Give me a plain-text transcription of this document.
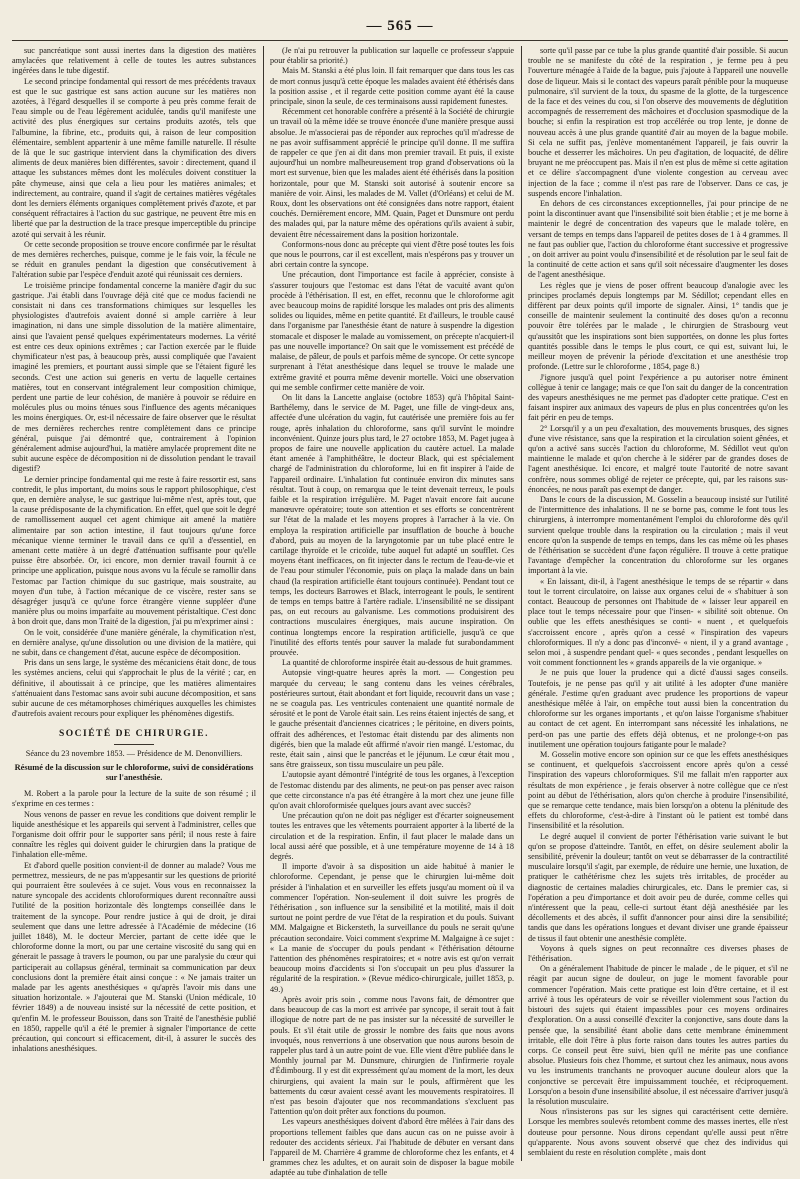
— 565 —

suc pancréatique sont aussi inertes dans la digestion des matières amylacées que relativement à celle de toutes les autres substances ingérées dans le tube digestif.

Le second principe fondamental qui ressort de mes précédents travaux est que le suc gastrique est sans action aucune sur les matières non azotées, à l'égard desquelles il se comporte à peu près comme ferait de l'eau simple ou de l'eau légèrement acidulée, tandis qu'il manifeste une activité des plus énergiques sur certains produits azotés, tels que l'albumine, la fibrine, etc., produits qui, à raison de leur composition élémentaire, semblent appartenir à une même famille naturelle. Il résulte de là que le suc gastrique intervient dans la chymification des divers aliments de deux manières bien différentes, savoir : directement, quand il attaque les substances mêmes dont les molécules doivent constituer la pâte chymeuse, ainsi que cela a lieu pour les matières animales; et indirectement, au contraire, quand il s'agit de certaines matières végétales dont les derniers éléments organiques complètement privés d'azote, et par conséquent réfractaires à l'action du suc gastrique, ne peuvent être mis en liberté que par la destruction de la trace presque imperceptible du principe azoté qui servait à les réunir.

Or cette seconde proposition se trouve encore confirmée par le résultat de mes dernières recherches, puisque, comme je le fais voir, la fécule ne se réduit en granules pendant la digestion que consécutivement à l'altération subie par l'espèce d'enduit azoté qui réunissait ces derniers.

Le troisième principe fondamental concerne la manière d'agir du suc gastrique. J'ai établi dans l'ouvrage déjà cité que ce modus faciendi ne consistait ni dans ces transformations chimiques sur lesquelles les physiologistes d'autrefois avaient donné si ample carrière à leur imagination, ni dans une simple dissolution de la matière alimentaire, ainsi que l'avaient pensé quelques expérimentateurs modernes. La vérité est entre ces deux opinions extrêmes ; car l'action exercée par le fluide chymificateur n'est pas, à beaucoup près, aussi compliquée que l'avaient imaginé les premiers, et pourtant aussi simple que se l'étaient figuré les seconds. C'est une action sui generis en vertu de laquelle certaines matières, tout en conservant intégralement leur composition chimique, perdent une partie de leur cohésion, de manière à pouvoir se réduire en molécules plus ou moins ténues sous l'influence des agents mécaniques les moins énergiques. Or, est-il nécessaire de faire observer que le résultat de mes dernières recherches rentre complètement dans ce principe général, puisque j'ai démontré que, contrairement à l'opinion généralement admise aujourd'hui, la matière amylacée proprement dite ne subit aucune espèce de décomposition ni de dissolution pendant le travail digestif?

Le dernier principe fondamental qui me reste à faire ressortir est, sans contredit, le plus important, du moins sous le rapport philosophique, c'est que, en dernière analyse, le suc gastrique lui-même n'est, après tout, que la cause prédisposante de la chymification. En effet, quel que soit le degré de ramollissement auquel cet agent chimique ait amené la matière alimentaire par son action intestine, il faut toujours qu'une force mécanique vienne terminer le travail dans ce qu'il a d'essentiel, en amenant cette matière à un degré d'atténuation suffisante pour qu'elle puisse être absorbée. Or, ici encore, mon dernier travail fournit à ce principe une application, puisque nous avons vu la fécule se ramollir dans l'estomac par l'action chimique du suc gastrique, mais soustraite, au moyen d'un tube, à l'action mécanique de ce viscère, rester sans se désagréger jusqu'à ce qu'une force étrangère vienne suppléer d'une manière plus ou moins imparfaite au mouvement péristaltique. C'est donc à bon droit que, dans mon Traité de la digestion, j'ai pu m'exprimer ainsi :

On le voit, considérée d'une manière générale, la chymification n'est, en dernière analyse, qu'une dissolution ou une division de la matière, qui ne subit, dans ce changement d'état, aucune espèce de décomposition.

Pris dans un sens large, le système des mécaniciens était donc, de tous les systèmes anciens, celui qui s'approchait le plus de la vérité ; car, en définitive, il aboutissait à ce principe, que les matières alimentaires s'atténuaient dans l'estomac sans avoir subi aucune décomposition, et sans subir aucune de ces métamorphoses chimériques auxquelles les chimistes d'autrefois avaient recours pour expliquer les phénomènes digestifs.

SOCIÉTÉ DE CHIRURGIE.
Séance du 23 novembre 1853. — Présidence de M. Denonvilliers.
Résumé de la discussion sur le chloroforme, suivi de considérations sur l'anesthésie.

M. Robert a la parole pour la lecture de la suite de son résumé ; il s'exprime en ces termes :

Nous venons de passer en revue les conditions que doivent remplir le liquide anesthésique et les appareils qui servent à l'administrer, celles que l'organisme doit offrir pour le supporter sans péril; il nous reste à faire connaître les règles qui doivent guider le chirurgien dans la pratique de l'inhalation elle-même.

Et d'abord quelle position convient-il de donner au malade? Vous me permettrez, messieurs, de ne pas m'appesantir sur les questions de priorité qui pourraient être soulevées à ce sujet. Vous vous en reconnaissez la nature syncopale des accidents chloroformiques durent reconnaître aussi l'utilité de la position horizontale dès longtemps conseillée dans le traitement de la syncope. Pour rendre justice à qui de droit, je dirai seulement que dans une lettre adressée à l'Académie de médecine (16 juillet 1848), M. le docteur Mercier, partant de cette idée que le chloroforme donne la mort, ou par une certaine viscosité du sang qui en génerait le passage à travers le poumon, ou par une paralysie du cœur qui participerait au collapsus général, terminait sa communication par deux conclusions dont la première était ainsi conçue : « Ne jamais traiter un malade par les agents anesthésiques « qu'après l'avoir mis dans une situation horizontale. » J'ajouterai que M. Stanski (Union médicale, 10 février 1849) a de nouveau insisté sur la nécessité de cette position, et qu'enfin M. le professeur Bouisson, dans son Traité de l'anesthésie publié en 1850, rappelle qu'il a été le premier à signaler l'importance de cette précaution, qui concourt si efficacement, dit-il, à assurer le succès des inhalations anesthésiques.

(Je n'ai pu retrouver la publication sur laquelle ce professeur s'appuie pour établir sa priorité.)

Mais M. Stanski a été plus loin. Il fait remarquer que dans tous les cas de mort connus jusqu'à cette époque les malades avaient été éthérisés dans la position assise , et il regarde cette position comme ayant été la cause principale, sinon la seule, de ces terminaisons aussi rapidement funestes.

Récemment cet honorable confrère a présenté à la Société de chirurgie un travail où la même idée se trouve énoncée d'une manière presque aussi absolue. Je m'associerai pas de réponder aux reproches qu'il m'adresse de ne pas avoir suffisamment apprécié le principe qu'il donne. Il me suffira de rappeler ce que j'en ai dit dans mon premier travail. Et puis, il existe aujourd'hui un nombre malheureusement trop grand d'observations où la mort est survenue, bien que les malades aient été éthérisés dans la position horizontale, pour que M. Stanski soit autorisé à soutenir encore sa manière de voir. Ainsi, les malades de M. Vallet (d'Orléans) et celui de M. Roux, dont les observations ont été consignées dans notre rapport, étaient couchés. Dernièrement encore, MM. Quain, Paget et Dunsmure ont perdu des malades qui, par la nature même des opérations qu'ils avaient à subir, devaient être nécessairement dans la position horizontale.

Conformons-nous donc au précepte qui vient d'être posé toutes les fois que nous le pourrons, car il est excellent, mais n'espérons pas y trouver un abri certain contre la syncope.

Une précaution, dont l'importance est facile à apprécier, consiste à s'assurer toujours que l'estomac est dans l'état de vacuité avant qu'on procède à l'éthérisation. Il est, en effet, reconnu que le chloroforme agit avec beaucoup moins de rapidité lorsque les malades ont pris des aliments solides ou liquides, même en petite quantité. Et d'ailleurs, le trouble causé dans l'organisme par l'anesthésie étant de nature à suspendre la digestion stomacale et disposer le malade au vomissement, on précepte n'acquiert-il pas une nouvelle importance? On sait que le vomissement est précédé de malaise, de pâleur, de pouls et parfois même de syncope. Or cette syncope surprenant à l'état anesthésique dans lequel se trouve le malade une extrême gravité et pourra même devenir mortelle. Voici une observation qui me semble confirmer cette manière de voir.

On lit dans la Lancette anglaise (octobre 1853) qu'à l'hôpital Saint-Barthélemy, dans le service de M. Paget, une fille de vingt-deux ans, affectée d'une ulcération du vagin, fut cautérisée une première fois au fer rouge, après inhalation du chloroforme, sans qu'il survînt le moindre inconvénient. Quinze jours plus tard, le 27 octobre 1853, M. Paget jugea à propos de faire une nouvelle application du cautère actuel. La malade étant amenée à l'amphithéâtre, le docteur Black, qui est spécialement chargé de l'administration du chloroforme, lui en fit inspirer à l'aide de l'appareil ordinaire. L'inhalation fut continuée environ dix minutes sans résultat. Tout à coup, on remarqua que le teint devenait terreux, le pouls faible et la respiration irrégulière. M. Paget n'avait encore fait aucune manœuvre opératoire; toute son attention et ses efforts se concentrèrent sur l'état de la malade et les moyens propres à l'arracher à la vie. On employa la respiration artificielle par insufflation de bouche à bouche d'abord, puis au moyen de la laryngotomie par un tube placé entre le cartilage thyroïde et le cricoïde, tube auquel fut adapté un soufflet. Ces moyens étant inefficaces, on fit injecter dans le rectum de l'eau-de-vie et de l'eau pour stimuler l'économie, puis on plaça la malade dans un bain chaud (la respiration artificielle étant toujours continuée). Pendant tout ce temps, les docteurs Barrowes et Black, interrogeant le pouls, le sentirent de temps en temps battre à l'artère radiale. L'insensibilité ne se dissipant pas, on eut recours au galvanisme. Les commotions produisirent des contractions musculaires énergiques, mais aucune inspiration. On continua longtemps encore la respiration artificielle, jusqu'à ce que l'inutilité des efforts tentés pour sauver la malade fut surabondamment prouvée.

La quantité de chloroforme inspirée était au-dessous de huit grammes.

Autopsie vingt-quatre heures après la mort. — Congestion peu marquée du cerveau; le sang contenu dans les veines cérébrales, postérieures surtout, était abondant et fort liquide, recouvrit dans un vase ; ne se coagula pas. Les ventricules contenaient une quantité normale de sérosité et le pont de Varole était sain. Les reins étaient injectés de sang, et le gauche présentait d'anciennes cicatrices ; le péritoine, en divers points, offrait des adhérences, et l'estomac était distendu par des aliments non digérés, bien que la malade eût affirmé n'avoir rien mangé. L'estomac, du reste, était sain , ainsi que le pancréas et le jéjunum. Le cœur était mou , sans être graisseux, son tissu musculaire un peu pâle.

L'autopsie ayant démontré l'intégrité de tous les organes, à l'exception de l'estomac distendu par des aliments, ne peut-on pas penser avec raison que cette circonstance n'a pas été étrangère à la mort chez une jeune fille qu'on avait chloroformisée quelques jours avant avec succès?

Une précaution qu'on ne doit pas négliger est d'écarter soigneusement toutes les entraves que les vêtements pourraient apporter à la liberté de la circulation et de la respiration. Enfin, il faut placer le malade dans un local aussi aéré que possible, et à une température moyenne de 14 à 18 degrés.

Il importe d'avoir à sa disposition un aide habitué à manier le chloroforme. Cependant, je pense que le chirurgien lui-même doit présider à l'inhalation et en surveiller les effets jusqu'au moment où il va commencer l'opération. Non-seulement il doit suivre les progrès de l'éthérisation , son influence sur la sensibilité et la motilité, mais il doit surtout ne point perdre de vue l'état de la respiration et du pouls. Suivant MM. Malgaigne et Bickersteth, la surveillance du pouls ne serait qu'une précaution secondaire. Voici comment s'exprime M. Malgaigne à ce sujet : « La manie de s'occuper du pouls pendant « l'éthérisation détourne l'attention des phénomènes respiratoires; et « notre avis est qu'on verrait beaucoup moins d'accidents si l'on s'occupait un peu plus d'assurer la régularité de la respiration. » (Revue médico-chirurgicale, juillet 1853, p. 49.)

Après avoir pris soin , comme nous l'avons fait, de démontrer que dans beaucoup de cas la mort est arrivée par syncope, il serait tout à fait illogique de notre part de ne pas insister sur la nécessité de surveiller le pouls. Et s'il était utile de grossir le nombre des faits que nous avons invoqués, nous renverrions à une observation que nous aurons besoin de rappeler plus tard à un autre point de vue. Elle vient d'être publiée dans le Monthly journal par M. Dunsmure, chirurgien de l'infirmerie royale d'Édimbourg. Il y est dit expressément qu'au moment de la mort, les deux chirurgiens, qui avaient la main sur le pouls, affirmèrent que les battements du cœur avaient cessé avant les mouvements respiratoires. Il n'est pas besoin d'ajouter que nos recommandations s'excluent pas l'attention qu'on doit prêter aux fonctions du poumon.

Les vapeurs anesthésiques doivent d'abord être mêlées à l'air dans des proportions tellement faibles que dans aucun cas on ne puisse avoir à redouter des accidents sérieux. J'ai l'habitude de débuter en versant dans l'appareil de M. Charrière 4 gramme de chloroforme chez les enfants, et 4 grammes chez les adultes, et on aurait soin de disposer la bague mobile adaptée au tube d'inhalation de telle

sorte qu'il passe par ce tube la plus grande quantité d'air possible. Si aucun trouble ne se manifeste du côté de la respiration , je ferme peu à peu l'ouverture ménagée à l'aide de la bague, puis j'ajoute à l'appareil une nouvelle dose de liqueur. Mais si le contact des vapeurs paraît pénible pour la muqueuse pulmonaire, s'il survient de la toux, du spasme de la glotte, de la turgescence de la face et des veines du cou, si l'on observe des mouvements de déglutition accompagnés de resserrement des mâchoires et d'occlusion spasmodique de la bouche; si enfin la respiration est trop accélérée ou trop lente, je donne de nouveau accès à une plus grande quantité d'air au moyen de la bague mobile. Si cela ne suffit pas, j'enlève momentanément l'appareil, je fais ouvrir la bouche et desserrer les mâchoires. Un peu d'agitation, de loquacité, de délire bruyant ne me préoccupent pas. Mais il n'en est plus de même si cette agitation et ce délire s'accompagnent d'une violente congestion au cerveau avec injection de la face ; comme il n'est pas rare de l'observer. Dans ce cas, je suspends encore l'inhalation.

En dehors de ces circonstances exceptionnelles, j'ai pour principe de ne point la discontinuer avant que l'insensibilité soit bien établie ; et je me borne à maintenir le degré de concentration des vapeurs que le malade tolère, en versant de temps en temps dans l'appareil de petites doses de 1 à 4 grammes. Il ne faut pas oublier que, l'action du chloroforme étant successive et progressive , on doit arriver au point voulu d'insensibilité et de résolution par le seul fait de la continuité de cette action et sans qu'il soit nécessaire d'augmenter les doses de l'agent anesthésique.

Les règles que je viens de poser offrent beaucoup d'analogie avec les principes proclamés depuis longtemps par M. Sédillot; cependant elles en diffèrent par deux points qu'il importe de signaler. Ainsi, 1° tandis que je conseille de maintenir seulement la continuité des doses qu'on a reconnu pouvoir être tolérées par le malade , le chirurgien de Strasbourg veut qu'aussitôt que les inspirations sont bien supportées, on donne les plus fortes quantités possible dans le temps le plus court, ce qui est, suivant lui, le meilleur moyen de prévenir la période d'excitation et une anesthésie trop profonde. (Lettre sur le chloroforme , 1854, page 8.)

J'ignore jusqu'à quel point l'expérience a pu autoriser notre éminent collègue à tenir ce langage; mais ce que l'on sait du danger de la concentration des vapeurs anesthésiques ne me permet pas d'adopter cette pratique. C'est en faisant inspirer aux animaux des vapeurs de plus en plus concentrées qu'on les fait périr en peu de temps.

2° Lorsqu'il y a un peu d'exaltation, des mouvements brusques, des signes d'une vive résistance, sans que la respiration et la circulation soient gênées, et qu'on a activé sans succès l'action du chloroforme, M. Sédillot veut qu'on maintienne le malade et qu'on cherche à le sidérer par de grandes doses de l'agent anesthésique. Ici encore, et malgré toute l'autorité de notre savant confrère, nous sommes obligé de rejeter ce précepte, qui, par les raisons sus-énoncées, ne nous paraît pas exempt de danger.

Dans le cours de la discussion, M. Gosselin a beaucoup insisté sur l'utilité de l'intermittence des inhalations. Il ne se borne pas, comme le font tous les chirurgiens, à interrompre momentanément l'emploi du chloroforme dès qu'il survient quelque trouble dans la respiration ou la circulation ; mais il veut encore qu'on la suspende de temps en temps, dans les cas même où les phases de l'éthérisation se succèdent d'une façon régulière. Il trouve à cette pratique l'avantage d'empêcher la concentration du chloroforme sur les organes important à la vie.

« En laissant, dit-il, à l'agent anesthésique le temps de se répartir « dans tout le torrent circulatoire, on laisse aux organes celui de « s'habituer à son contact. Beaucoup de personnes ont l'habitude de « laisser leur appareil en place tout le temps nécessaire pour que l'insen- « sibilité soit obtenue. On oublie que les effets anesthésiques se conti- « nuent , et quelquefois s'accroissent encore , après qu'on a cessé « l'inspiration des vapeurs chloroformiques. Il n'y a donc pas d'inconvé- « nient, il y a grand avantage , selon moi , à suspendre pendant quel- « ques secondes , pendant lesquelles on voit comment fonctionnent les « grands appareils de la vie organique. »

Je ne puis que louer la prudence qui a dicté d'aussi sages conseils. Toutefois, je ne pense pas qu'il y ait utilité à les adopter d'une manière générale. J'estime qu'en graduant avec prudence les proportions de vapeur anesthésique mêlée à l'air, on empêche tout aussi bien la concentration du chloroforme sur les organes importants , et qu'on laisse l'organisme s'habituer au contact de cet agent. En interrompant sans nécessité les inhalations, ne perd-on pas une partie des effets déjà obtenus, et ne prolonge-t-on pas inutilement une opération toujours fatigante pour le malade?

M. Gosselin motive encore son opinion sur ce que les effets anesthésiques se continuent, et quelquefois s'accroissent encore après qu'on a cessé l'inspiration des vapeurs chloroformiques. S'il me fallait m'en rapporter aux résultats de mon expérience , je ferais observer à notre collègue que ce n'est point au début de l'éthérisation, alors qu'on cherche à produire l'insensibilité, que se remarque cette tendance, mais bien lorsqu'on a obtenu la plénitude des effets du chloroforme, c'est-à-dire à l'instant où le patient est tombé dans l'insensibilité et la résolution.

Le degré auquel il convient de porter l'éthérisation varie suivant le but qu'on se propose d'atteindre. Tantôt, en effet, on désire seulement abolir la sensibilité, prévenir la douleur; tantôt on veut se débarrasser de la contractilité musculaire lorsqu'il s'agit, par exemple, de réduire une hernie, une luxation, de pratiquer le cathétérisme chez les sujets très irritables, de procéder au diagnostic de certaines maladies chirurgicales, etc. Dans le premier cas, si l'opération a peu d'importance et doit avoir peu de durée, comme celles qui n'intéressent que la peau, celle-ci surtout étant déjà anesthésiée par les décollements et des abcès, il suffit d'annoncer pour ainsi dire la sensibilité; tandis que dans les opérations longues et devant diviser une grande épaisseur de tissus il faut obtenir une anesthésie complète.

Voyons à quels signes on peut reconnaître ces diverses phases de l'éthérisation.

On a généralement l'habitude de pincer le malade , de le piquer, et s'il ne réagit par aucun signe de douleur, on juge le moment favorable pour commencer l'opération. Mais cette pratique est loin d'être certaine, et il est arrivé à tous les opérateurs de voir se réveiller violemment sous l'action du bistouri des sujets qui étaient impassibles pour ces moyens ordinaires d'exploration. On a aussi conseillé d'exciter la conjonctive, sans doute dans la pensée que, la sensibilité étant abolie dans cette membrane éminemment irritable, elle doit l'être à plus forte raison dans toutes les autres parties du corps. Ce conseil peut être suivi, bien qu'il ne mérite pas une confiance absolue. Plusieurs fois chez l'homme, et surtout chez les animaux, nous avons vu les instruments tranchants ne provoquer aucune douleur alors que la conjonctive se percevait être impuissamment touchée, et réciproquement. Lorsqu'on a besoin d'une insensibilité absolue, il est nécessaire d'arriver jusqu'à la résolution musculaire.

Nous n'insisterons pas sur les signes qui caractérisent cette dernière. Lorsque les membres soulevés retombent comme des masses inertes, elle n'est douteuse pour personne. Nous dirons cependant qu'elle aussi peut n'être qu'apparente. Nous avons souvent observé que chez des individus qui semblaient du reste en résolution complète , mais dont
